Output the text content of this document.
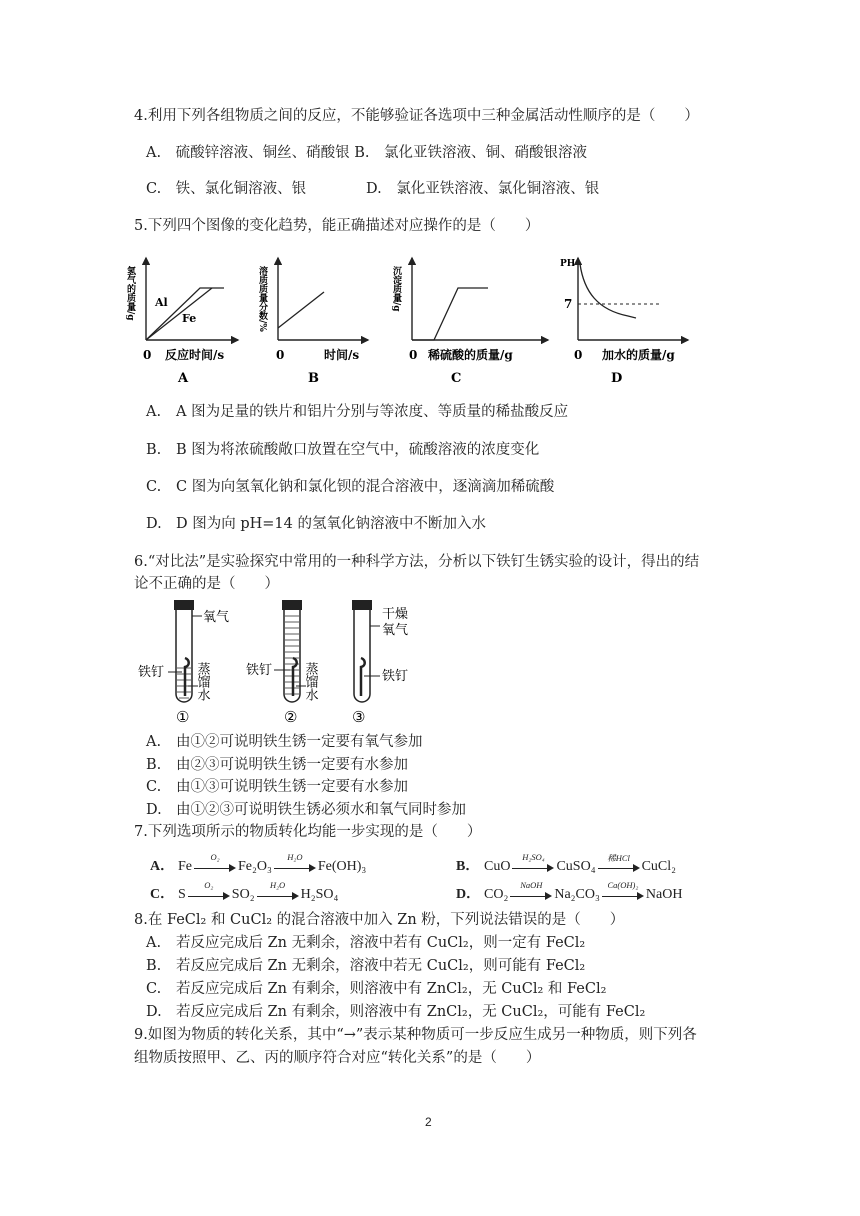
4.利用下列各组物质之间的反应，不能够验证各选项中三种金属活动性顺序的是（　　）
A.　硫酸锌溶液、铜丝、硝酸银 B.　氯化亚铁溶液、铜、硝酸银溶液
C.　铁、氯化铜溶液、银	D.　氯化亚铁溶液、氯化铜溶液、银
5.下列四个图像的变化趋势，能正确描述对应操作的是（　　）
氢气的质量/g Al
Fe
0 反应时间/s
A
溶质质量分数/%
0	时间/s
B
沉淀质量/g
0 稀硫酸的质量/g
C
PH
7
0 加水的质量/g
D
A. A 图为足量的铁片和铝片分别与等浓度、等质量的稀盐酸反应
B. B 图为将浓硫酸敞口放置在空气中，硫酸溶液的浓度变化
C. C 图为向氢氧化钠和氯化钡的混合溶液中，逐滴滴加稀硫酸
D. D 图为向 pH=14 的氢氧化钠溶液中不断加入水
6.“对比法”是实验探究中常用的一种科学方法，分析以下铁钉生锈实验的设计，得出的结
论不正确的是（　　）
氧气
铁钉 蒸馏水
①
铁钉 蒸馏水
②
干燥氧气
铁钉
③
A. 由①②可说明铁生锈一定要有氧气参加
B. 由②③可说明铁生锈一定要有水参加
C. 由①③可说明铁生锈一定要有水参加
D. 由①②③可说明铁生锈必须水和氧气同时参加
7.下列选项所示的物质转化均能一步实现的是（　　）
A． Fe
O₂
Fe₂O₃
H₂O
Fe(OH)₃	B． CuO
H₂SO₄
CuSO₄
稀HCl
CuCl₂
C． S
O₂
SO₂
H₂O
H₂SO₄	D． CO₂
NaOH
Na₂CO₃
Ca(OH)₂
NaOH
8.在 FeCl₂ 和 CuCl₂ 的混合溶液中加入 Zn 粉，下列说法错误的是（　　）
A. 若反应完成后 Zn 无剩余，溶液中若有 CuCl₂，则一定有 FeCl₂
B. 若反应完成后 Zn 无剩余，溶液中若无 CuCl₂，则可能有 FeCl₂
C. 若反应完成后 Zn 有剩余，则溶液中有 ZnCl₂，无 CuCl₂ 和 FeCl₂
D. 若反应完成后 Zn 有剩余，则溶液中有 ZnCl₂，无 CuCl₂，可能有 FeCl₂
9.如图为物质的转化关系，其中“→”表示某种物质可一步反应生成另一种物质，则下列各
组物质按照甲、乙、丙的顺序符合对应“转化关系”的是（　　）
2
